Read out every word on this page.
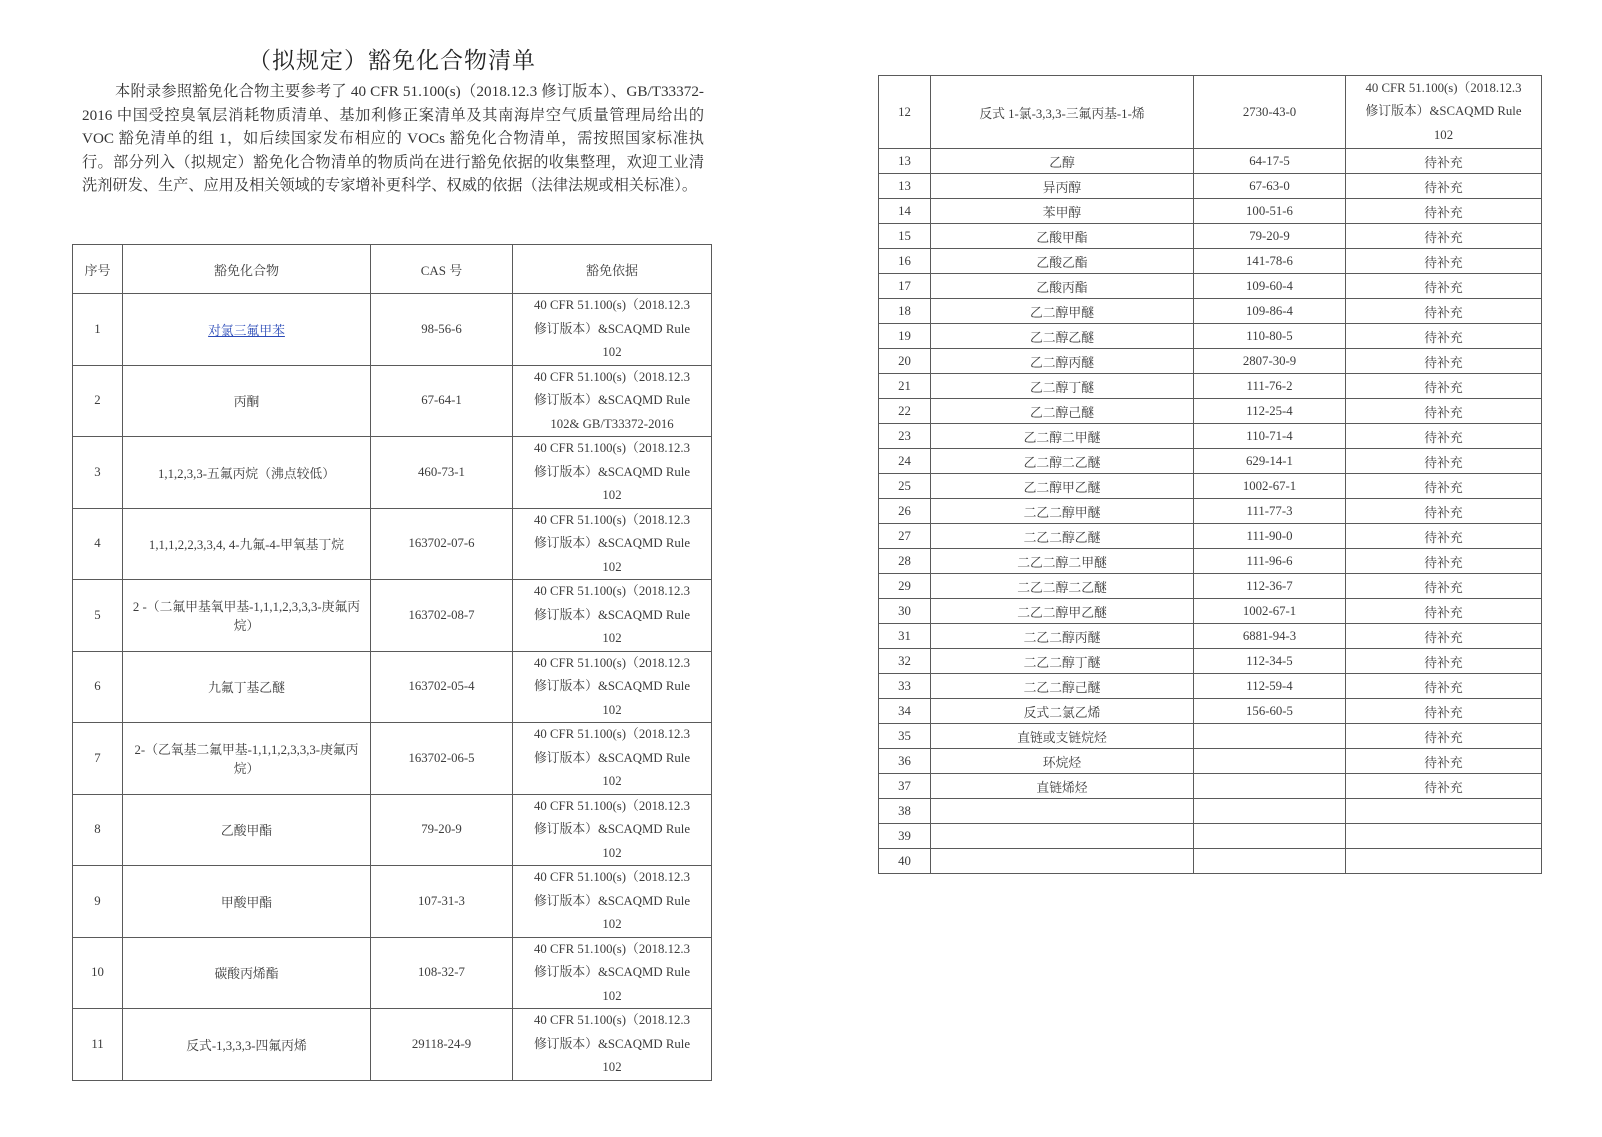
（拟规定）豁免化合物清单
本附录参照豁免化合物主要参考了 40 CFR 51.100(s)（2018.12.3 修订版本）、GB/T33372-2016 中国受控臭氧层消耗物质清单、基加利修正案清单及其南海岸空气质量管理局给出的 VOC 豁免清单的组 1，如后续国家发布相应的 VOCs 豁免化合物清单，需按照国家标准执行。部分列入（拟规定）豁免化合物清单的物质尚在进行豁免依据的收集整理，欢迎工业清洗剂研发、生产、应用及相关领域的专家增补更科学、权威的依据（法律法规或相关标准）。
序号	豁免化合物	CAS 号	豁免依据
1	对氯三氟甲苯	98-56-6	40 CFR 51.100(s)（2018.12.3
修订版本）&SCAQMD Rule
102

2	丙酮	67-64-1	40 CFR 51.100(s)（2018.12.3
修订版本）&SCAQMD Rule
102& GB/T33372-2016

3	1,1,2,3,3-五氟丙烷（沸点较低）	460-73-1	40 CFR 51.100(s)（2018.12.3
修订版本）&SCAQMD Rule
102

4	1,1,1,2,2,3,3,4, 4-九氟-4-甲氧基丁烷	163702-07-6	40 CFR 51.100(s)（2018.12.3
修订版本）&SCAQMD Rule
102

5	2 -（二氟甲基氧甲基-1,1,1,2,3,3,3-庚氟丙烷）	163702-08-7	40 CFR 51.100(s)（2018.12.3
修订版本）&SCAQMD Rule
102

6	九氟丁基乙醚	163702-05-4	40 CFR 51.100(s)（2018.12.3
修订版本）&SCAQMD Rule
102

7	2-（乙氧基二氟甲基-1,1,1,2,3,3,3-庚氟丙烷）	163702-06-5	40 CFR 51.100(s)（2018.12.3
修订版本）&SCAQMD Rule
102

8	乙酸甲酯	79-20-9	40 CFR 51.100(s)（2018.12.3
修订版本）&SCAQMD Rule
102

9	甲酸甲酯	107-31-3	40 CFR 51.100(s)（2018.12.3
修订版本）&SCAQMD Rule
102

10	碳酸丙烯酯	108-32-7	40 CFR 51.100(s)（2018.12.3
修订版本）&SCAQMD Rule
102

11	反式-1,3,3,3-四氟丙烯	29118-24-9	40 CFR 51.100(s)（2018.12.3
修订版本）&SCAQMD Rule
102
12	反式 1-氯-3,3,3-三氟丙基-1-烯	2730-43-0	40 CFR 51.100(s)（2018.12.3
修订版本）&SCAQMD Rule
102

13	乙醇	64-17-5	待补充
13	异丙醇	67-63-0	待补充
14	苯甲醇	100-51-6	待补充
15	乙酸甲酯	79-20-9	待补充
16	乙酸乙酯	141-78-6	待补充
17	乙酸丙酯	109-60-4	待补充
18	乙二醇甲醚	109-86-4	待补充
19	乙二醇乙醚	110-80-5	待补充
20	乙二醇丙醚	2807-30-9	待补充
21	乙二醇丁醚	111-76-2	待补充
22	乙二醇己醚	112-25-4	待补充
23	乙二醇二甲醚	110-71-4	待补充
24	乙二醇二乙醚	629-14-1	待补充
25	乙二醇甲乙醚	1002-67-1	待补充
26	二乙二醇甲醚	111-77-3	待补充
27	二乙二醇乙醚	111-90-0	待补充
28	二乙二醇二甲醚	111-96-6	待补充
29	二乙二醇二乙醚	112-36-7	待补充
30	二乙二醇甲乙醚	1002-67-1	待补充
31	二乙二醇丙醚	6881-94-3	待补充
32	二乙二醇丁醚	112-34-5	待补充
33	二乙二醇己醚	112-59-4	待补充
34	反式二氯乙烯	156-60-5	待补充
35	直链或支链烷烃		待补充
36	环烷烃		待补充
37	直链烯烃		待补充
38			
39			
40			
